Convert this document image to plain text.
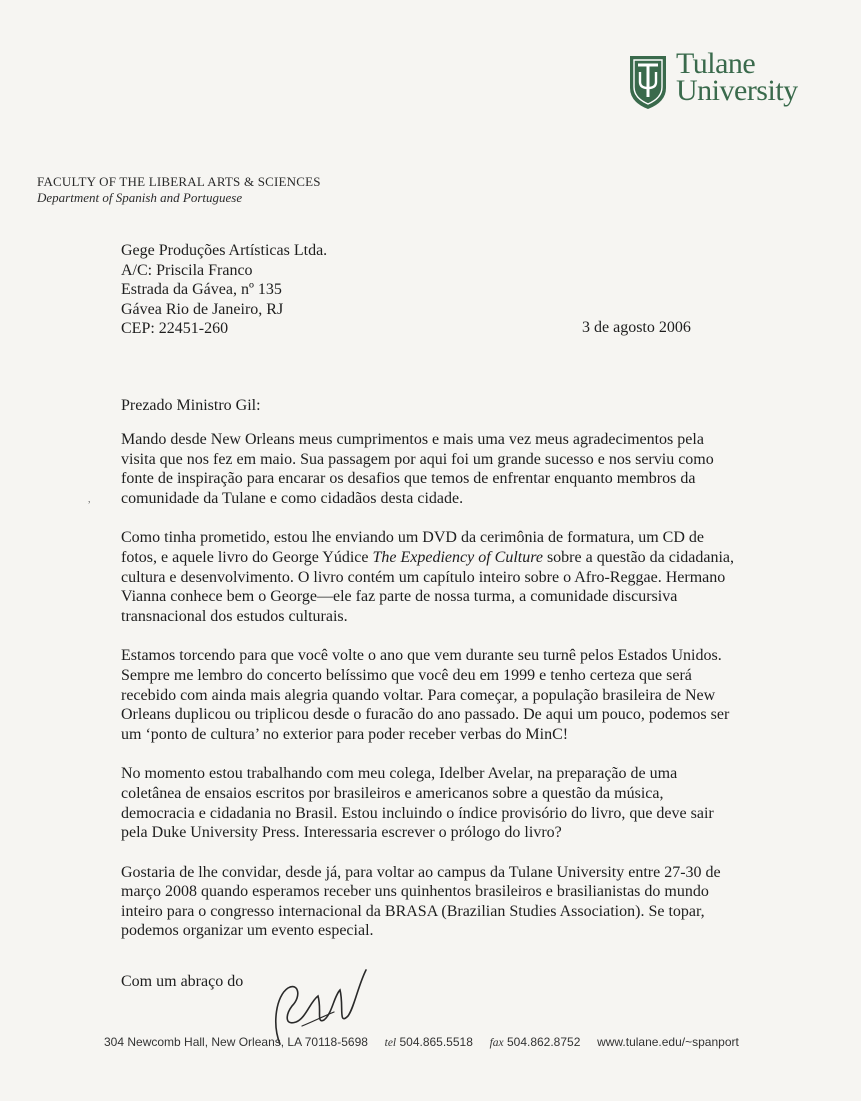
Tulane
University
FACULTY OF THE LIBERAL ARTS & SCIENCES
Department of Spanish and Portuguese
Gege Produções Artísticas Ltda.
A/C: Priscila Franco
Estrada da Gávea, nº 135
Gávea Rio de Janeiro, RJ
CEP: 22451-260	3 de agosto 2006
Prezado Ministro Gil:
,

Mando desde New Orleans meus cumprimentos e mais uma vez meus agradecimentos pela visita que nos fez em maio. Sua passagem por aqui foi um grande sucesso e nos serviu como fonte de inspiração para encarar os desafios que temos de enfrentar enquanto membros da comunidade da Tulane e como cidadãos desta cidade.

Como tinha prometido, estou lhe enviando um DVD da cerimônia de formatura, um CD de fotos, e aquele livro do George Yúdice The Expediency of Culture sobre a questão da cidadania, cultura e desenvolvimento. O livro contém um capítulo inteiro sobre o Afro-Reggae. Hermano Vianna conhece bem o George—ele faz parte de nossa turma, a comunidade discursiva transnacional dos estudos culturais.

Estamos torcendo para que você volte o ano que vem durante seu turnê pelos Estados Unidos. Sempre me lembro do concerto belíssimo que você deu em 1999 e tenho certeza que será recebido com ainda mais alegria quando voltar. Para começar, a população brasileira de New Orleans duplicou ou triplicou desde o furacão do ano passado. De aqui um pouco, podemos ser um ‘ponto de cultura’ no exterior para poder receber verbas do MinC!

No momento estou trabalhando com meu colega, Idelber Avelar, na preparação de uma coletânea de ensaios escritos por brasileiros e americanos sobre a questão da música, democracia e cidadania no Brasil. Estou incluindo o índice provisório do livro, que deve sair pela Duke University Press. Interessaria escrever o prólogo do livro?

Gostaria de lhe convidar, desde já, para voltar ao campus da Tulane University entre 27-30 de março 2008 quando esperamos receber uns quinhentos brasileiros e brasilianistas do mundo inteiro para o congresso internacional da BRASA (Brazilian Studies Association). Se topar, podemos organizar um evento especial.

Com um abraço do
304 Newcomb Hall, New Orleans, LA 70118-5698 tel 504.865.5518 fax 504.862.8752 www.tulane.edu/~spanport
